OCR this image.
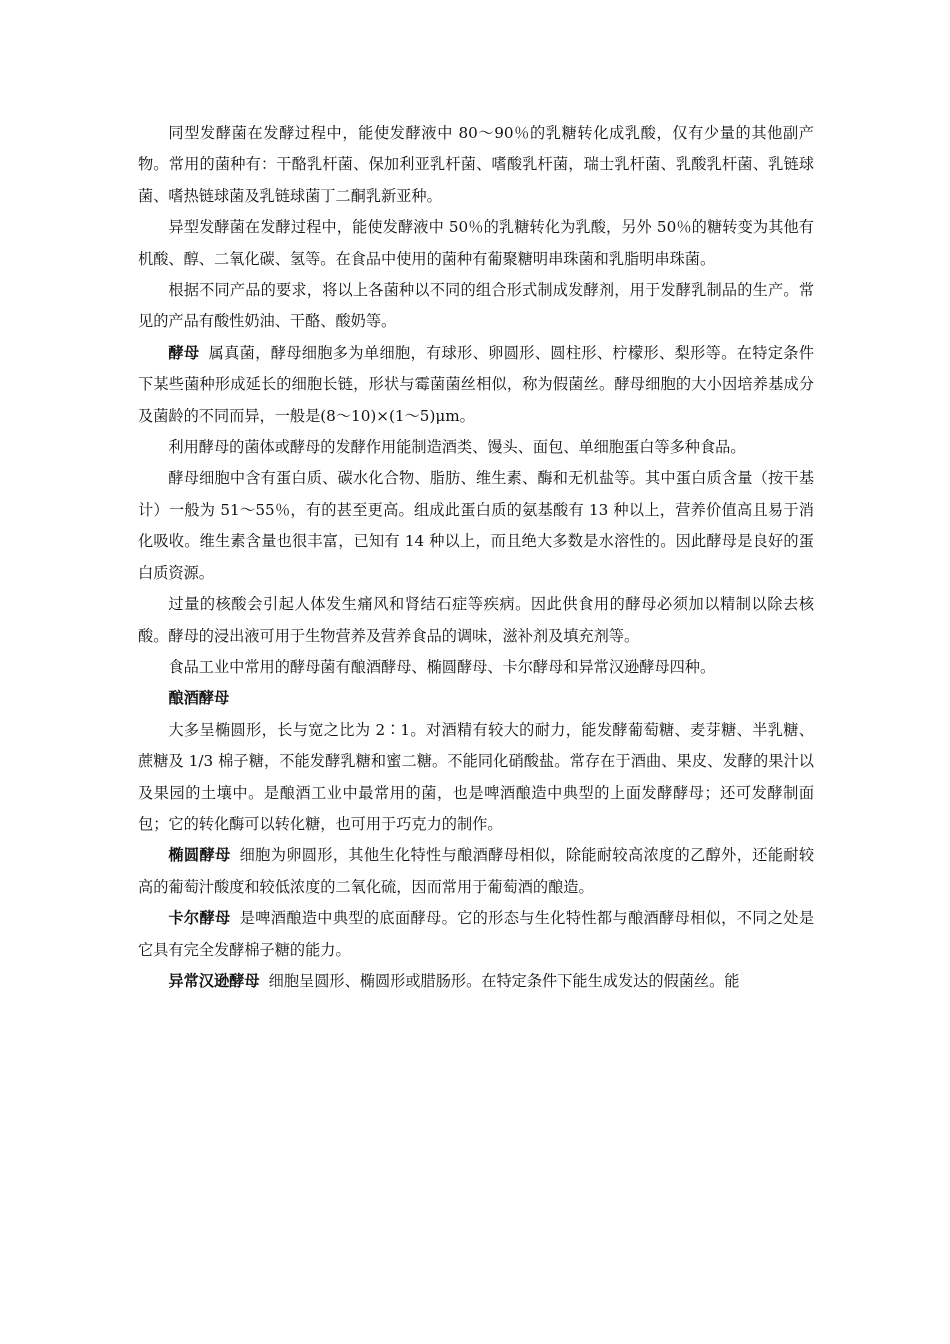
同型发酵菌在发酵过程中，能使发酵液中 80～90％的乳糖转化成乳酸，仅有少量的其他副产物。常用的菌种有：干酪乳杆菌、保加利亚乳杆菌、嗜酸乳杆菌，瑞士乳杆菌、乳酸乳杆菌、乳链球菌、嗜热链球菌及乳链球菌丁二酮乳新亚种。

异型发酵菌在发酵过程中，能使发酵液中 50％的乳糖转化为乳酸，另外 50％的糖转变为其他有机酸、醇、二氧化碳、氢等。在食品中使用的菌种有葡聚糖明串珠菌和乳脂明串珠菌。

根据不同产品的要求，将以上各菌种以不同的组合形式制成发酵剂，用于发酵乳制品的生产。常见的产品有酸性奶油、干酪、酸奶等。

酵母 属真菌，酵母细胞多为单细胞，有球形、卵圆形、圆柱形、柠檬形、梨形等。在特定条件下某些菌种形成延长的细胞长链，形状与霉菌菌丝相似，称为假菌丝。酵母细胞的大小因培养基成分及菌龄的不同而异，一般是(8～10)×(1～5)μm。

利用酵母的菌体或酵母的发酵作用能制造酒类、馒头、面包、单细胞蛋白等多种食品。

酵母细胞中含有蛋白质、碳水化合物、脂肪、维生素、酶和无机盐等。其中蛋白质含量（按干基计）一般为 51～55％，有的甚至更高。组成此蛋白质的氨基酸有 13 种以上，营养价值高且易于消化吸收。维生素含量也很丰富，已知有 14 种以上，而且绝大多数是水溶性的。因此酵母是良好的蛋白质资源。

过量的核酸会引起人体发生痛风和肾结石症等疾病。因此供食用的酵母必须加以精制以除去核酸。酵母的浸出液可用于生物营养及营养食品的调味，滋补剂及填充剂等。

食品工业中常用的酵母菌有酿酒酵母、椭圆酵母、卡尔酵母和异常汉逊酵母四种。

酿酒酵母

大多呈椭圆形，长与宽之比为 2∶1。对酒精有较大的耐力，能发酵葡萄糖、麦芽糖、半乳糖、蔗糖及 1/3 棉子糖，不能发酵乳糖和蜜二糖。不能同化硝酸盐。常存在于酒曲、果皮、发酵的果汁以及果园的土壤中。是酿酒工业中最常用的菌，也是啤酒酿造中典型的上面发酵酵母；还可发酵制面包；它的转化酶可以转化糖，也可用于巧克力的制作。

椭圆酵母 细胞为卵圆形，其他生化特性与酿酒酵母相似，除能耐较高浓度的乙醇外，还能耐较高的葡萄汁酸度和较低浓度的二氧化硫，因而常用于葡萄酒的酿造。

卡尔酵母 是啤酒酿造中典型的底面酵母。它的形态与生化特性都与酿酒酵母相似，不同之处是它具有完全发酵棉子糖的能力。

异常汉逊酵母 细胞呈圆形、椭圆形或腊肠形。在特定条件下能生成发达的假菌丝。能
